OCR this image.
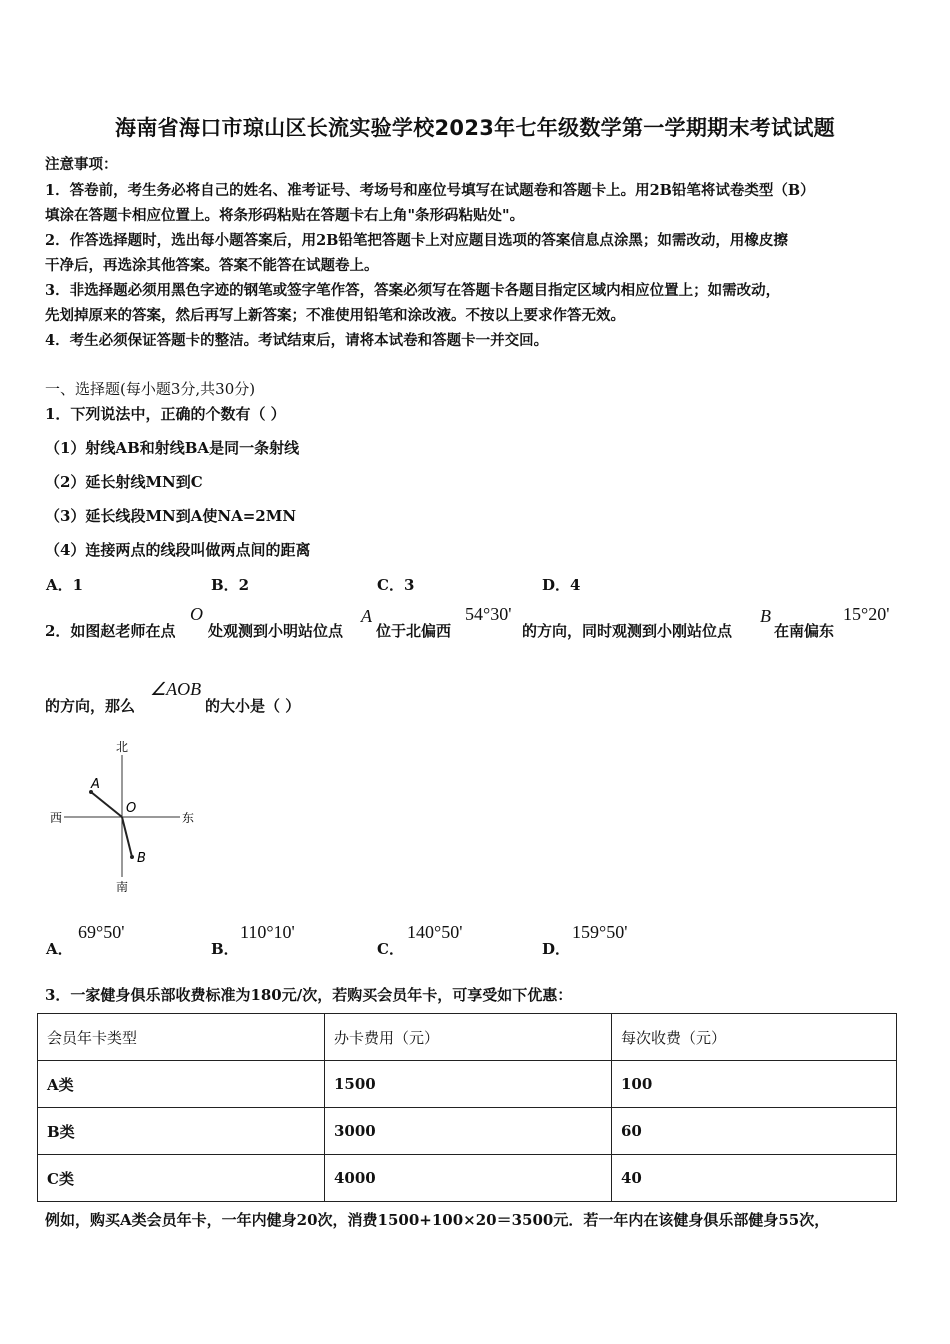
海南省海口市琼山区长流实验学校2023年七年级数学第一学期期末考试试题
注意事项：
1．答卷前，考生务必将自己的姓名、准考证号、考场号和座位号填写在试题卷和答题卡上。用2B铅笔将试卷类型（B）
填涂在答题卡相应位置上。将条形码粘贴在答题卡右上角"条形码粘贴处"。
2．作答选择题时，选出每小题答案后，用2B铅笔把答题卡上对应题目选项的答案信息点涂黑；如需改动，用橡皮擦
干净后，再选涂其他答案。答案不能答在试题卷上。
3．非选择题必须用黑色字迹的钢笔或签字笔作答，答案必须写在答题卡各题目指定区域内相应位置上；如需改动，
先划掉原来的答案，然后再写上新答案；不准使用铅笔和涂改液。不按以上要求作答无效。
4．考生必须保证答题卡的整洁。考试结束后，请将本试卷和答题卡一并交回。
一、选择题(每小题3分,共30分)
1．下列说法中，正确的个数有（ ）
（1）射线AB和射线BA是同一条射线
（2）延长射线MN到C
（3）延长线段MN到A使NA=2MN
（4）连接两点的线段叫做两点间的距离
A．1	B．2	C．3	D．4
2．如图赵老师在点
O
处观测到小明站位点
A
位于北偏西
54°30'
的方向，同时观测到小刚站位点
B
在南偏东
15°20'
的方向，那么
∠AOB
的大小是（ ）
北
南
西	东
O
A
B
A．
69°50'
B．
110°10'
C．
140°50'
D．
159°50'
3．一家健身俱乐部收费标准为180元/次，若购买会员年卡，可享受如下优惠：
会员年卡类型	办卡费用（元）	每次收费（元）
A类	1500	100
B类	3000	60
C类	4000	40
例如，购买A类会员年卡，一年内健身20次，消费1500+100×20＝3500元．若一年内在该健身俱乐部健身55次，
